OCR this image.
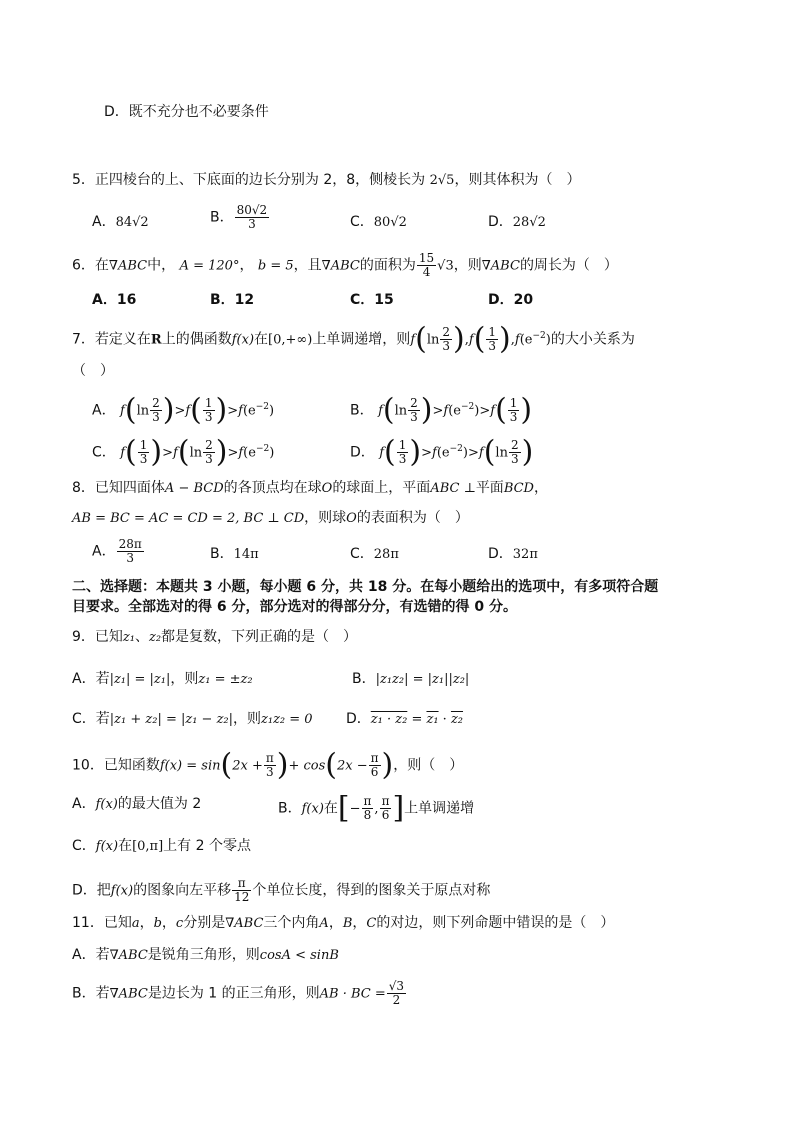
D．既不充分也不必要条件
5．正四棱台的上、下底面的边长分别为 2，8，侧棱长为 2√5，则其体积为（　）
A．84√2	B． $\frac{80√2}{3}$	C．80√2	D．28√2
6．在∇ABC中， A = 120°， b = 5，且∇ABC的面积为 $\frac{15}{4} √3$，则∇ABC的周长为（　）
A．16	B．12	C．15	D．20
7．若定义在R上的偶函数f(x)在[0,+∞)上单调递增，则$f(\ln \frac{2}{3} ),f( \frac{1}{3} ),f(e^{-2})$的大小关系为
（　）
A． $f(\ln \frac{2}{3} )>f( \frac{1}{3} )>f(e^{-2})$	B． $f(\ln \frac{2}{3} )>f(e^{-2})>f( \frac{1}{3}$ )
C． $f( \frac{1}{3} )>f(\ln \frac{2}{3} )>f(e^{-2})$	D． $f( \frac{1}{3} )>f(e^{-2})>f(\ln \frac{2}{3}$ )
8．已知四面体A − BCD的各顶点均在球O的球面上，平面ABC ⊥平面BCD，
AB = BC = AC = CD = 2, BC ⊥ CD，则球O的表面积为（　）
A． $\frac{28\pi}{3}$	B．14π	C．28π	D．32π
二、选择题：本题共 3 小题，每小题 6 分，共 18 分。在每小题给出的选项中，有多项符合题
目要求。全部选对的得 6 分，部分选对的得部分分，有选错的得 0 分。
9．已知z₁、z₂都是复数，下列正确的是（　）
A．若|z₁| = |z₁|，则z₁ = ±z₂	B．|z₁z₂| = |z₁||z₂|
C．若|z₁ + z₂| = |z₁ − z₂|，则z₁z₂ = 0 D．z₁ · z₂ = z₁ · z₂
10．已知函数$f(x) = \sin(2x + \frac{\pi}{3}$ )+ $\cos(2x - \frac{\pi}{6}$ )，则（　）
A．f(x)的最大值为 2	B．f(x)在[− $\frac{\pi}{8}$ , $\frac{\pi}{6}$ ]上单调递增
C．f(x)在[0,π]上有 2 个零点
D．把f(x)的图象向左平移 $\frac{\pi}{12}$ 个单位长度，得到的图象关于原点对称
11．已知a，b，c分别是∇ABC三个内角A，B，C的对边，则下列命题中错误的是（　）
A．若∇ABC是锐角三角形，则cosA < sinB
B．若∇ABC是边长为 1 的正三角形，则AB · BC = $\frac{√3}{2}$
